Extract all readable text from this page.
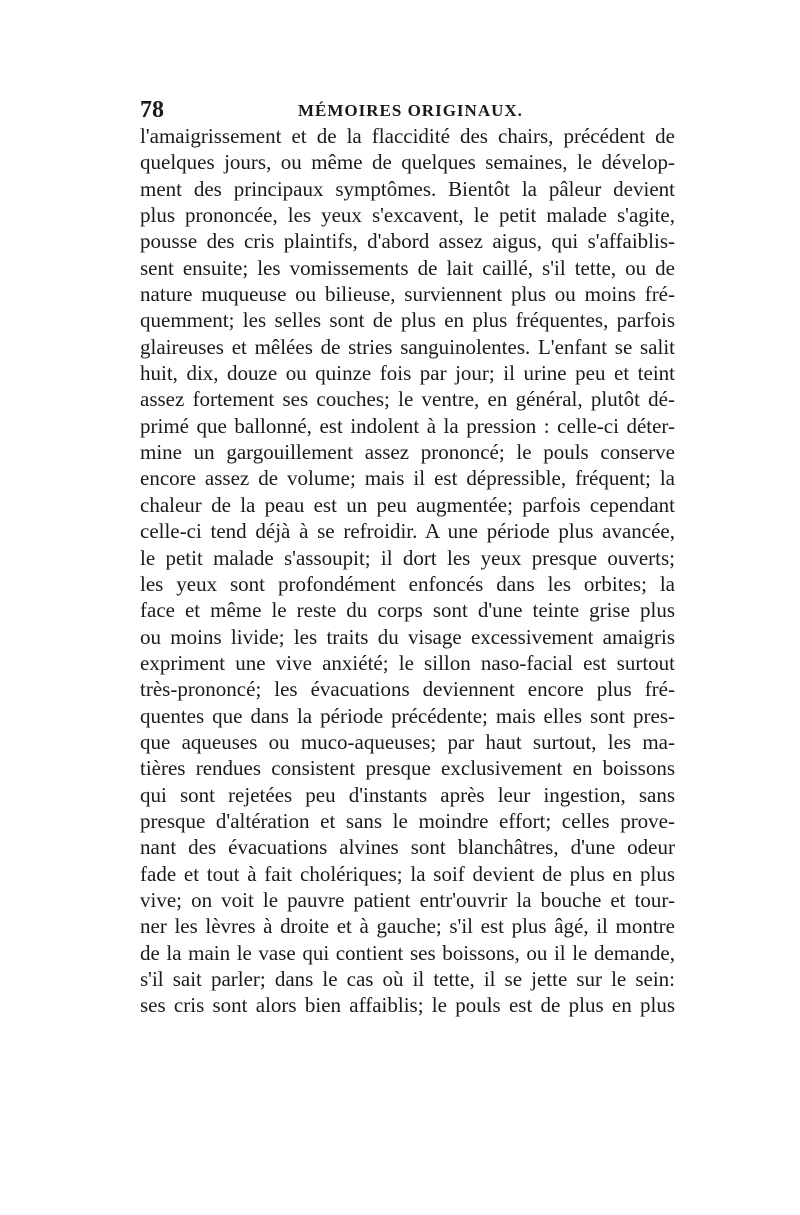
78	MÉMOIRES ORIGINAUX.
l'amaigrissement et de la flaccidité des chairs, précédent de
quelques jours, ou même de quelques semaines, le dévelop-
ment des principaux symptômes. Bientôt la pâleur devient
plus prononcée, les yeux s'excavent, le petit malade s'agite,
pousse des cris plaintifs, d'abord assez aigus, qui s'affaiblis-
sent ensuite; les vomissements de lait caillé, s'il tette, ou de
nature muqueuse ou bilieuse, surviennent plus ou moins fré-
quemment; les selles sont de plus en plus fréquentes, parfois
glaireuses et mêlées de stries sanguinolentes. L'enfant se salit
huit, dix, douze ou quinze fois par jour; il urine peu et teint
assez fortement ses couches; le ventre, en général, plutôt dé-
primé que ballonné, est indolent à la pression : celle-ci déter-
mine un gargouillement assez prononcé; le pouls conserve
encore assez de volume; mais il est dépressible, fréquent; la
chaleur de la peau est un peu augmentée; parfois cependant
celle-ci tend déjà à se refroidir. A une période plus avancée,
le petit malade s'assoupit; il dort les yeux presque ouverts;
les yeux sont profondément enfoncés dans les orbites; la
face et même le reste du corps sont d'une teinte grise plus
ou moins livide; les traits du visage excessivement amaigris
expriment une vive anxiété; le sillon naso-facial est surtout
très-prononcé; les évacuations deviennent encore plus fré-
quentes que dans la période précédente; mais elles sont pres-
que aqueuses ou muco-aqueuses; par haut surtout, les ma-
tières rendues consistent presque exclusivement en boissons
qui sont rejetées peu d'instants après leur ingestion, sans
presque d'altération et sans le moindre effort; celles prove-
nant des évacuations alvines sont blanchâtres, d'une odeur
fade et tout à fait cholériques; la soif devient de plus en plus
vive; on voit le pauvre patient entr'ouvrir la bouche et tour-
ner les lèvres à droite et à gauche; s'il est plus âgé, il montre
de la main le vase qui contient ses boissons, ou il le demande,
s'il sait parler; dans le cas où il tette, il se jette sur le sein:
ses cris sont alors bien affaiblis; le pouls est de plus en plus
